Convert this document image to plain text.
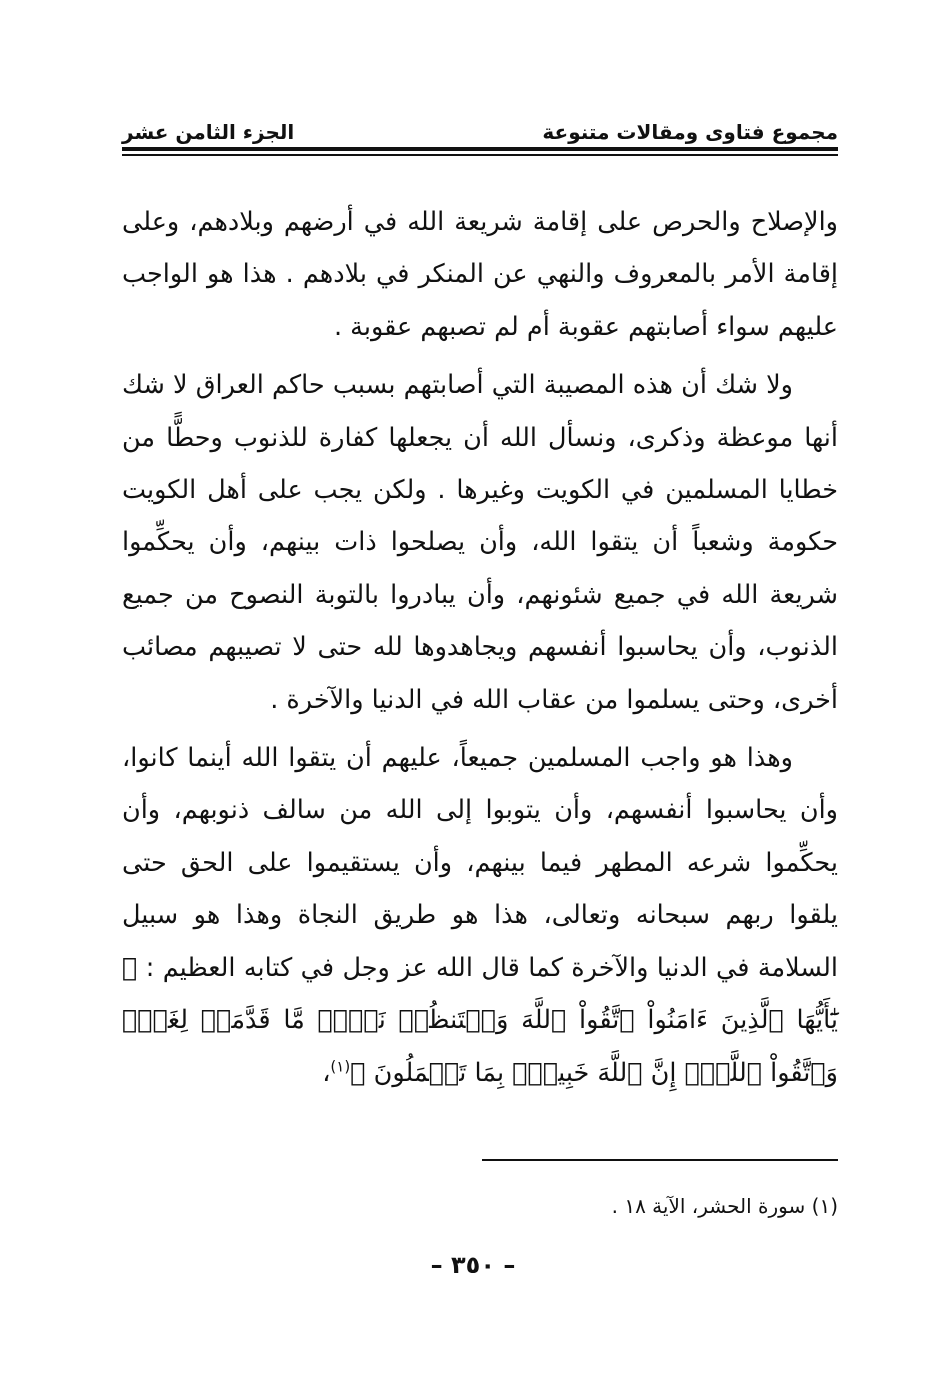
مجموع فتاوى ومقالات متنوعة
الجزء الثامن عشر

والإصلاح والحرص على إقامة شريعة الله في أرضهم وبلادهم، وعلى إقامة الأمر بالمعروف والنهي عن المنكر في بلادهم . هذا هو الواجب عليهم سواء أصابتهم عقوبة أم لم تصبهم عقوبة .

ولا شك أن هذه المصيبة التي أصابتهم بسبب حاكم العراق لا شك أنها موعظة وذكرى، ونسأل الله أن يجعلها كفارة للذنوب وحطًّا من خطايا المسلمين في الكويت وغيرها . ولكن يجب على أهل الكويت حكومة وشعباً أن يتقوا الله، وأن يصلحوا ذات بينهم، وأن يحكِّموا شريعة الله في جميع شئونهم، وأن يبادروا بالتوبة النصوح من جميع الذنوب، وأن يحاسبوا أنفسهم ويجاهدوها لله حتى لا تصيبهم مصائب أخرى، وحتى يسلموا من عقاب الله في الدنيا والآخرة .

وهذا هو واجب المسلمين جميعاً، عليهم أن يتقوا الله أينما كانوا، وأن يحاسبوا أنفسهم، وأن يتوبوا إلى الله من سالف ذنوبهم، وأن يحكِّموا شرعه المطهر فيما بينهم، وأن يستقيموا على الحق حتى يلقوا ربهم سبحانه وتعالى، هذا هو طريق النجاة وهذا هو سبيل السلامة في الدنيا والآخرة كما قال الله عز وجل في كتابه العظيم : ﴿ يَٰٓأَيُّهَا ٱلَّذِينَ ءَامَنُواْ ٱتَّقُواْ ٱللَّهَ وَلۡتَنظُرۡ نَفۡسٞ مَّا قَدَّمَتۡ لِغَدٖۖ وَٱتَّقُواْ ٱللَّهَۚ إِنَّ ٱللَّهَ خَبِيرُۢ بِمَا تَعۡمَلُونَ ﴾$^{(١)}$،

(١) سورة الحشر، الآية ١٨ .
– ٣٥٠ –
